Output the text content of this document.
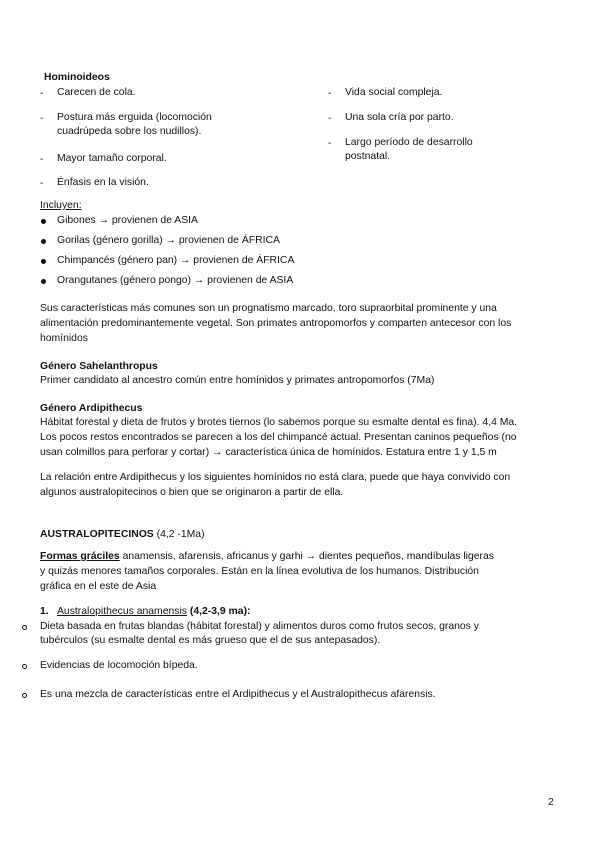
Hominoideos
- Carecen de cola.
- Postura más erguida (locomoción
cuadrúpeda sobre los nudillos).
- Mayor tamaño corporal.
- Énfasis en la visión.
- Vida social compleja.
- Una sola cría por parto.
- Largo período de desarrollo
postnatal.
Incluyen:
Gibones → provienen de ASIA
Gorilas (género gorilla) → provienen de ÁFRICA
Chimpancés (género pan) → provienen de ÁFRICA
Orangutanes (género pongo) → provienen de ASIA
Sus características más comunes son un prognatismo marcado, toro supraorbital prominente y una
alimentación predominantemente vegetal. Son primates antropomorfos y comparten antecesor con los
homínidos
Género Sahelanthropus
Primer candidato al ancestro común entre homínidos y primates antropomorfos (7Ma)
Género Ardipithecus
Hábitat forestal y dieta de frutos y brotes tiernos (lo sabemos porque su esmalte dental es fina). 4,4 Ma.
Los pocos restos encontrados se parecen a los del chimpancé actual. Presentan caninos pequeños (no
usan colmillos para perforar y cortar) → característica única de homínidos. Estatura entre 1 y 1,5 m
La relación entre Ardipithecus y los siguientes homínidos no está clara, puede que haya convivido con
algunos australopitecinos o bien que se originaron a partir de ella.
AUSTRALOPITECINOS (4,2 -1Ma)
Formas gráciles anamensis, afarensis, africanus y garhi → dientes pequeños, mandíbulas ligeras
y quizás menores tamaños corporales. Están en la línea evolutiva de los humanos. Distribución
gráfica en el este de Asia
1. Australopithecus anamensis (4,2-3,9 ma):
Dieta basada en frutas blandas (hábitat forestal) y alimentos duros como frutos secos, granos y
tubérculos (su esmalte dental es más grueso que el de sus antepasados).
Evidencias de locomoción bípeda.
Es una mezcla de características entre el Ardipithecus y el Australopithecus afarensis.
2
